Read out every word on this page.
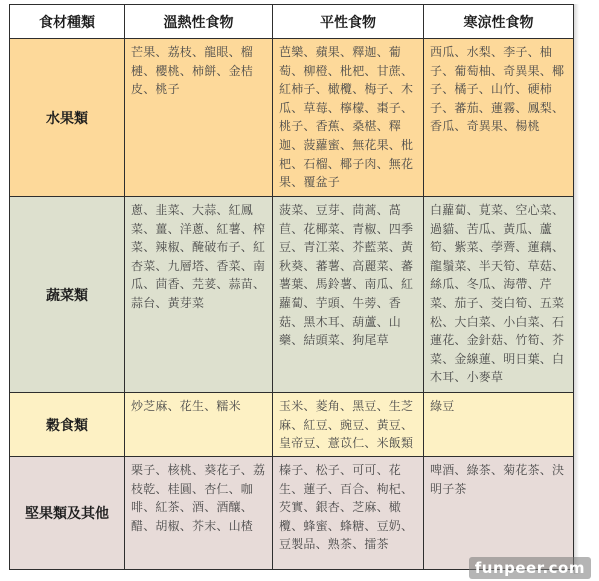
食材種類	溫熱性食物	平性食物	寒涼性食物
水果類	芒果、荔枝、龍眼、榴槤、櫻桃、柿餅、金桔皮、桃子	芭樂、蘋果、釋迦、葡萄、柳橙、枇杷、甘蔗、紅柿子、橄欖、梅子、木瓜、草莓、檸檬、棗子、桃子、香蕉、桑椹、釋迦、菠蘿蜜、無花果、枇杷、石榴、椰子肉、無花果、覆盆子	西瓜、水梨、李子、柚子、葡萄柚、奇異果、椰子、橘子、山竹、硬柿子、蕃茄、蓮霧、鳳梨、香瓜、奇異果、楊桃
蔬菜類	蔥、韭菜、大蒜、紅鳳菜、薑、洋蔥、紅薯、榨菜、辣椒、醃破布子、紅杏菜、九層塔、香菜、南瓜、茴香、芫荽、蒜苗、蒜台、黃芽菜	菠菜、豆芽、茼蒿、萵苣、花椰菜、青椒、四季豆、青江菜、芥藍菜、黃秋葵、蕃薯、高麗菜、蕃薯葉、馬鈴薯、南瓜、紅蘿蔔、芋頭、牛蒡、香菇、黑木耳、葫蘆、山藥、結頭菜、狗尾草	白蘿蔔、莧菜、空心菜、過貓、苦瓜、黃瓜、蘆筍、紫菜、荸薺、蓮藕、龍鬚菜、半天筍、草菇、絲瓜、冬瓜、海帶、芹菜、茄子、茭白筍、五菜松、大白菜、小白菜、石蓮花、金針菇、竹筍、芥菜、金線蓮、明日葉、白木耳、小麥草
穀食類	炒芝麻、花生、糯米	玉米、菱角、黑豆、生芝麻、紅豆、豌豆、黃豆、皇帝豆、薏苡仁、米飯類	綠豆
堅果類及其他	栗子、核桃、葵花子、荔枝乾、桂圓、杏仁、咖啡、紅茶、酒、酒釀、醋、胡椒、芥末、山楂	榛子、松子、可可、花生、蓮子、百合、枸杞、芡實、銀杏、芝麻、橄欖、蜂蜜、蜂糖、豆奶、豆製品、熟茶、擂茶	啤酒、綠茶、菊花茶、決明子茶
funpeer.com
